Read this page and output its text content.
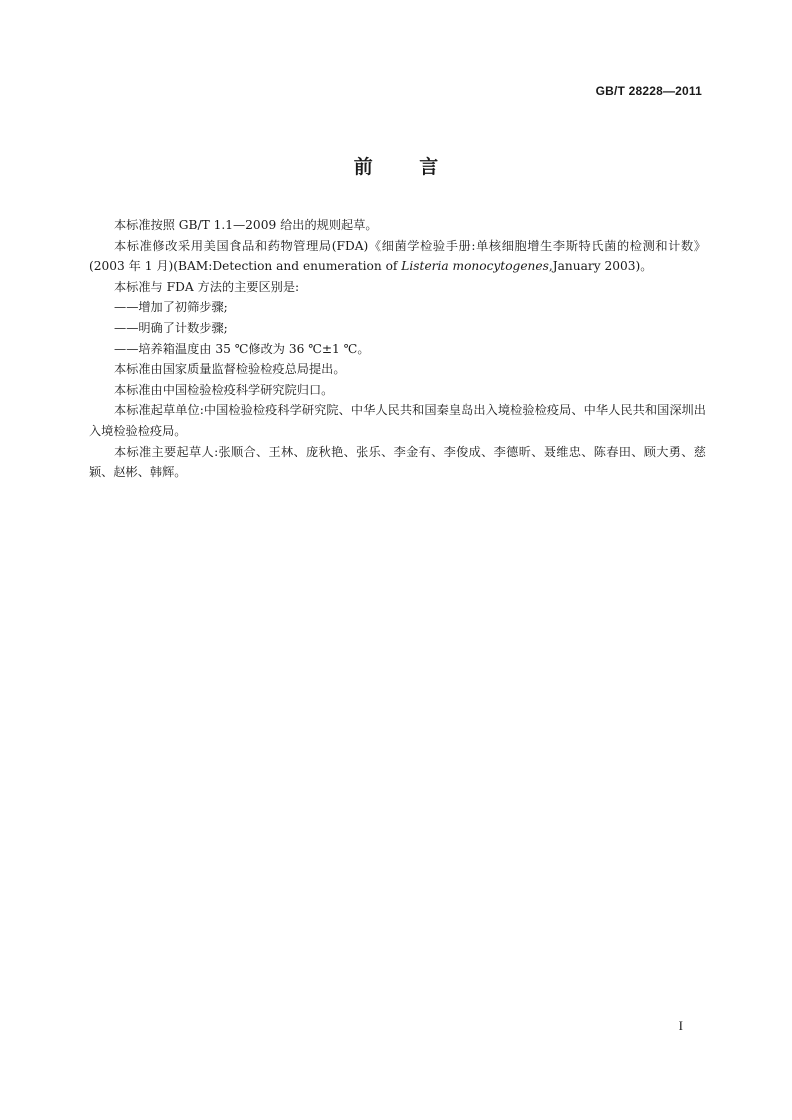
GB/T 28228—2011
前 言

本标准按照 GB/T 1.1—2009 给出的规则起草。

本标准修改采用美国食品和药物管理局(FDA)《细菌学检验手册:单核细胞增生李斯特氏菌的检测和计数》(2003 年 1 月)(BAM:Detection and enumeration of Listeria monocytogenes,January 2003)。

本标准与 FDA 方法的主要区别是:

——增加了初筛步骤;

——明确了计数步骤;

——培养箱温度由 35 ℃修改为 36 ℃±1 ℃。

本标准由国家质量监督检验检疫总局提出。

本标准由中国检验检疫科学研究院归口。

本标准起草单位:中国检验检疫科学研究院、中华人民共和国秦皇岛出入境检验检疫局、中华人民共和国深圳出入境检验检疫局。

本标准主要起草人:张顺合、王林、庞秋艳、张乐、李金有、李俊成、李德昕、聂维忠、陈春田、顾大勇、慈颖、赵彬、韩辉。

I
